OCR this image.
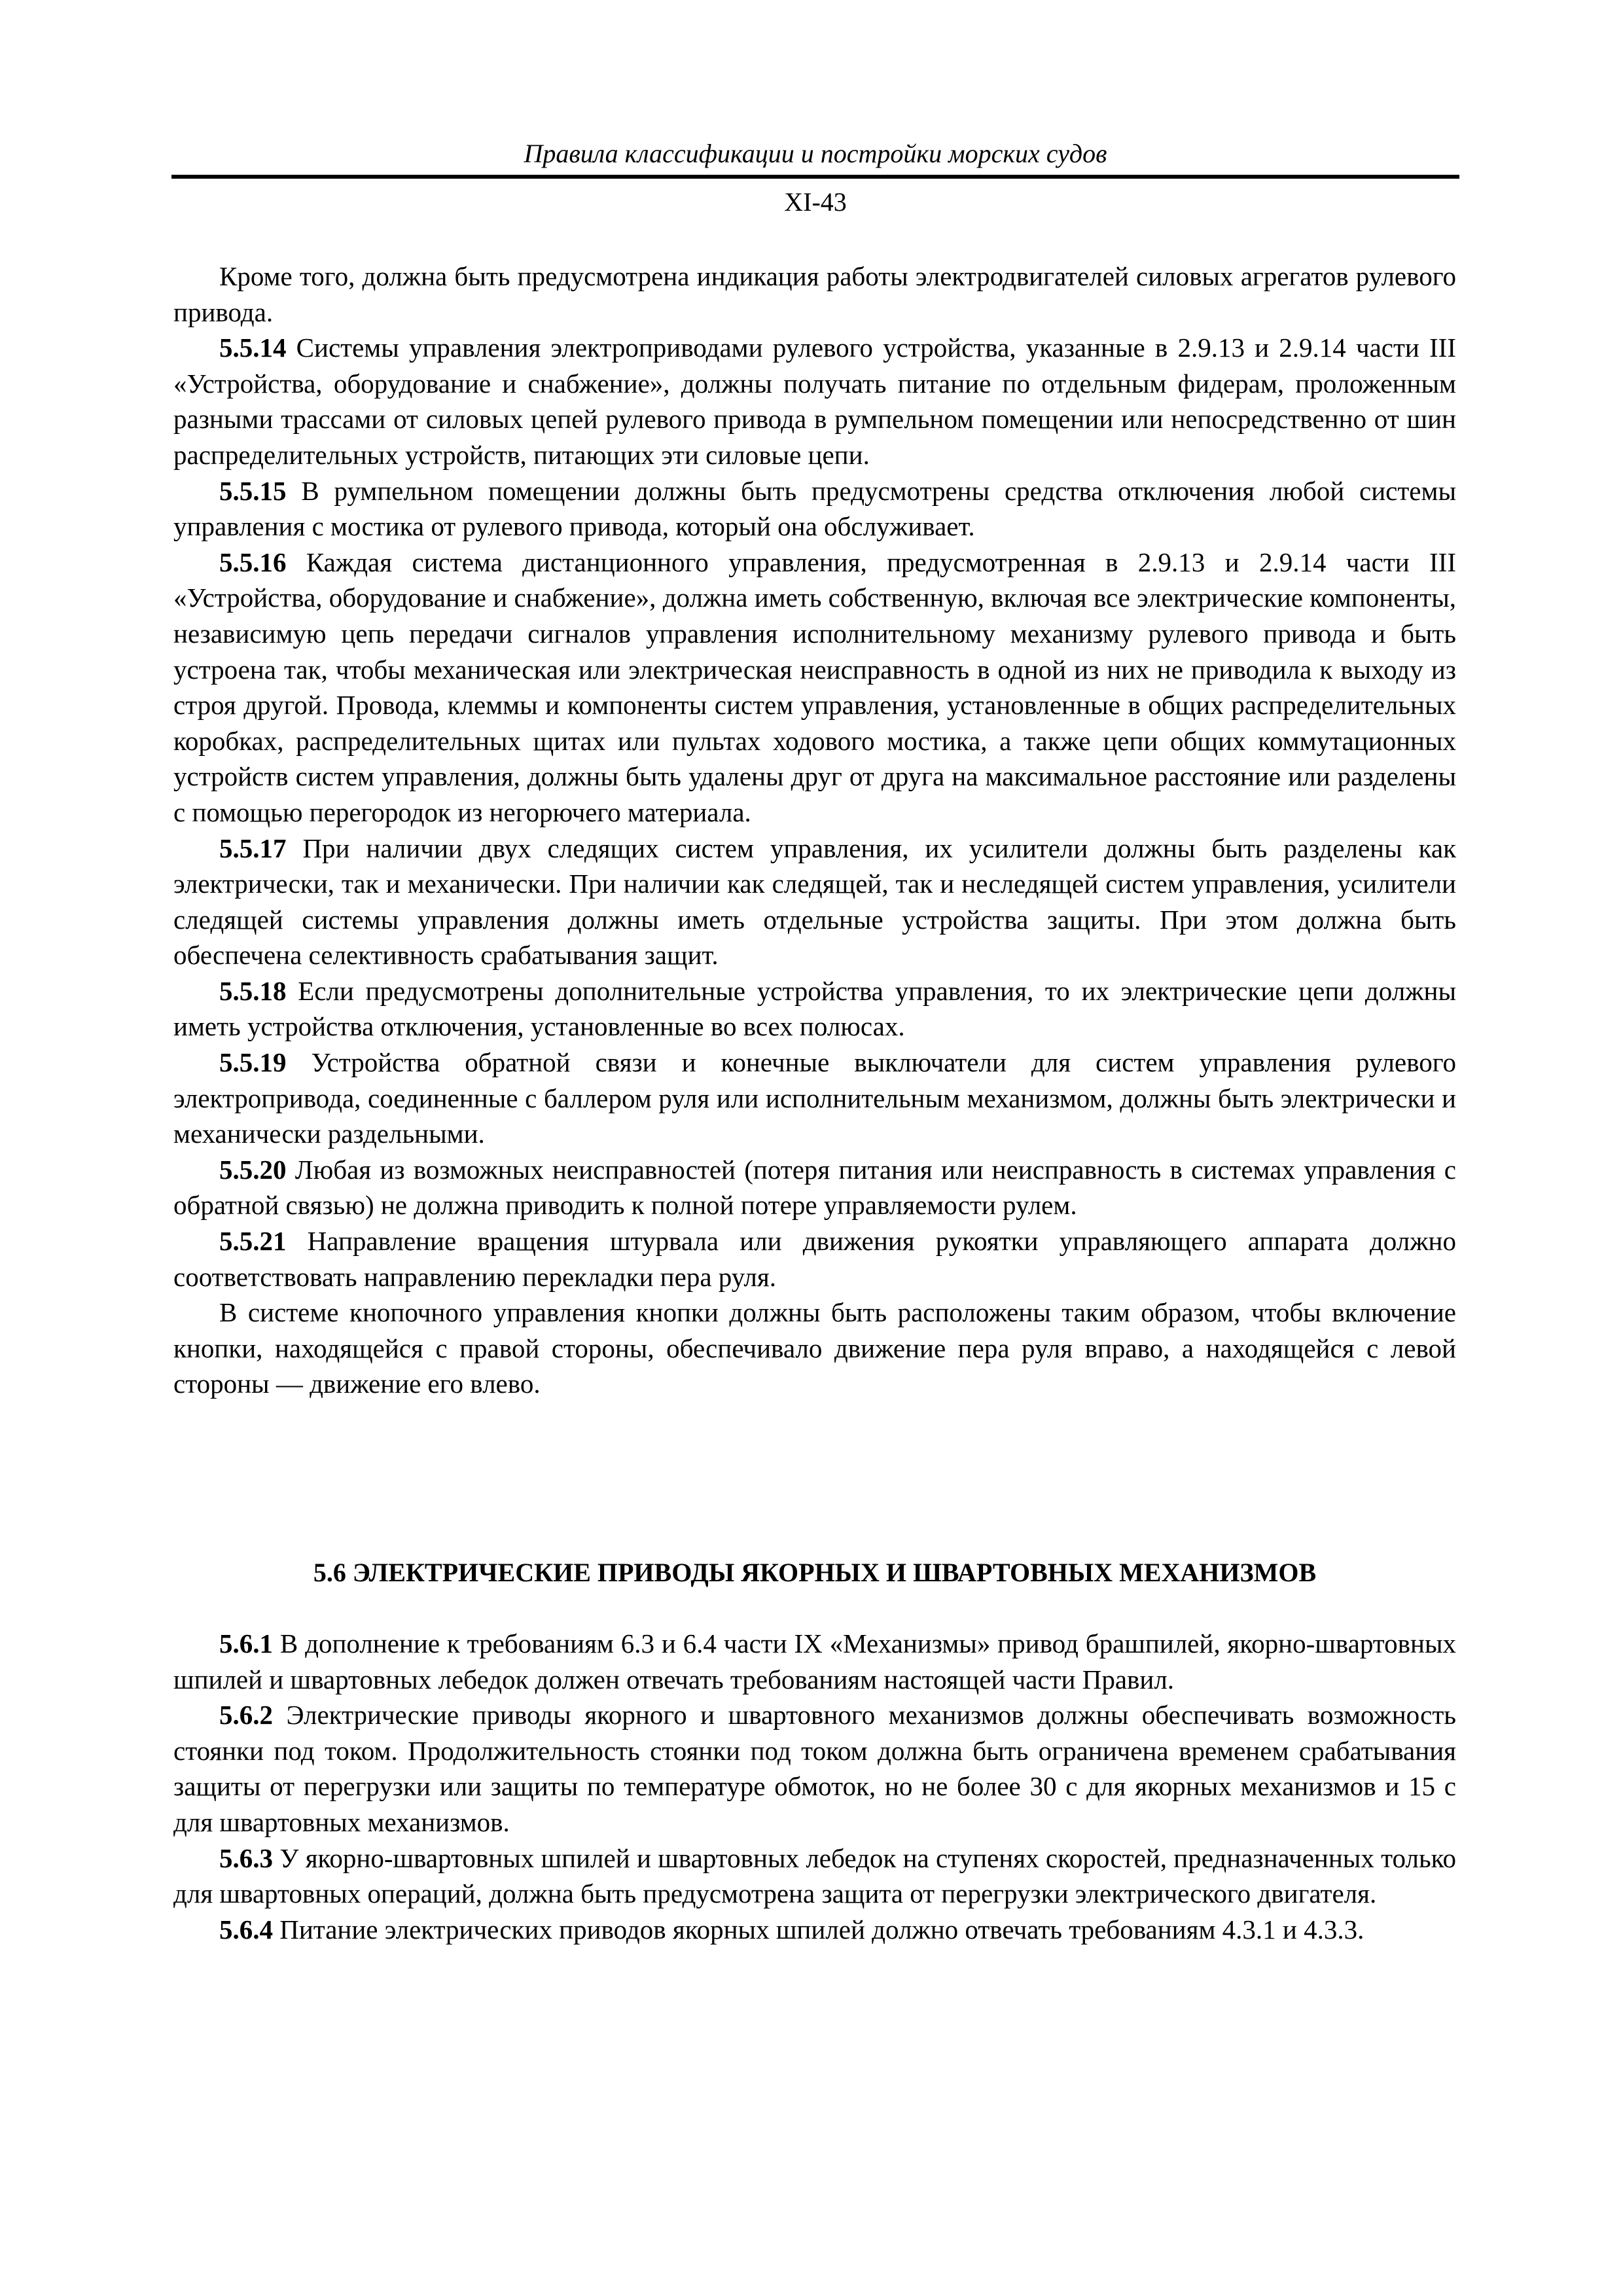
Правила классификации и постройки морских судов
XI-43

Кроме того, должна быть предусмотрена индикация работы электродвигателей силовых агрегатов рулевого привода.

5.5.14 Системы управления электроприводами рулевого устройства, указанные в 2.9.13 и 2.9.14 части III «Устройства, оборудование и снабжение», должны получать питание по отдельным фидерам, проложенным разными трассами от силовых цепей рулевого привода в румпельном помещении или непосредственно от шин распределительных устройств, питающих эти силовые цепи.

5.5.15 В румпельном помещении должны быть предусмотрены средства отключения любой системы управления с мостика от рулевого привода, который она обслуживает.

5.5.16 Каждая система дистанционного управления, предусмотренная в 2.9.13 и 2.9.14 части III «Устройства, оборудование и снабжение», должна иметь собственную, включая все электрические компоненты, независимую цепь передачи сигналов управления исполнительному механизму рулевого привода и быть устроена так, чтобы механическая или электрическая неисправность в одной из них не приводила к выходу из строя другой. Провода, клеммы и компоненты систем управления, установленные в общих распределительных коробках, распределительных щитах или пультах ходового мостика, а также цепи общих коммутационных устройств систем управления, должны быть удалены друг от друга на максимальное расстояние или разделены с помощью перегородок из негорючего материала.

5.5.17 При наличии двух следящих систем управления, их усилители должны быть разделены как электрически, так и механически. При наличии как следящей, так и неследящей систем управления, усилители следящей системы управления должны иметь отдельные устройства защиты. При этом должна быть обеспечена селективность срабатывания защит.

5.5.18 Если предусмотрены дополнительные устройства управления, то их электрические цепи должны иметь устройства отключения, установленные во всех полюсах.

5.5.19 Устройства обратной связи и конечные выключатели для систем управления рулевого электропривода, соединенные с баллером руля или исполнительным механизмом, должны быть электрически и механически раздельными.

5.5.20 Любая из возможных неисправностей (потеря питания или неисправность в системах управления с обратной связью) не должна приводить к полной потере управляемости рулем.

5.5.21 Направление вращения штурвала или движения рукоятки управляющего аппарата должно соответствовать направлению перекладки пера руля.

В системе кнопочного управления кнопки должны быть расположены таким образом, чтобы включение кнопки, находящейся с правой стороны, обеспечивало движение пера руля вправо, а находящейся с левой стороны — движение его влево.

5.6 ЭЛЕКТРИЧЕСКИЕ ПРИВОДЫ ЯКОРНЫХ И ШВАРТОВНЫХ МЕХАНИЗМОВ

5.6.1 В дополнение к требованиям 6.3 и 6.4 части IX «Механизмы» привод брашпилей, якорно-швартовных шпилей и швартовных лебедок должен отвечать требованиям настоящей части Правил.

5.6.2 Электрические приводы якорного и швартовного механизмов должны обеспечивать возможность стоянки под током. Продолжительность стоянки под током должна быть ограничена временем срабатывания защиты от перегрузки или защиты по температуре обмоток, но не более 30 с для якорных механизмов и 15 с для швартовных механизмов.

5.6.3 У якорно-швартовных шпилей и швартовных лебедок на ступенях скоростей, предназначенных только для швартовных операций, должна быть предусмотрена защита от перегрузки электрического двигателя.

5.6.4 Питание электрических приводов якорных шпилей должно отвечать требованиям 4.3.1 и 4.3.3.
